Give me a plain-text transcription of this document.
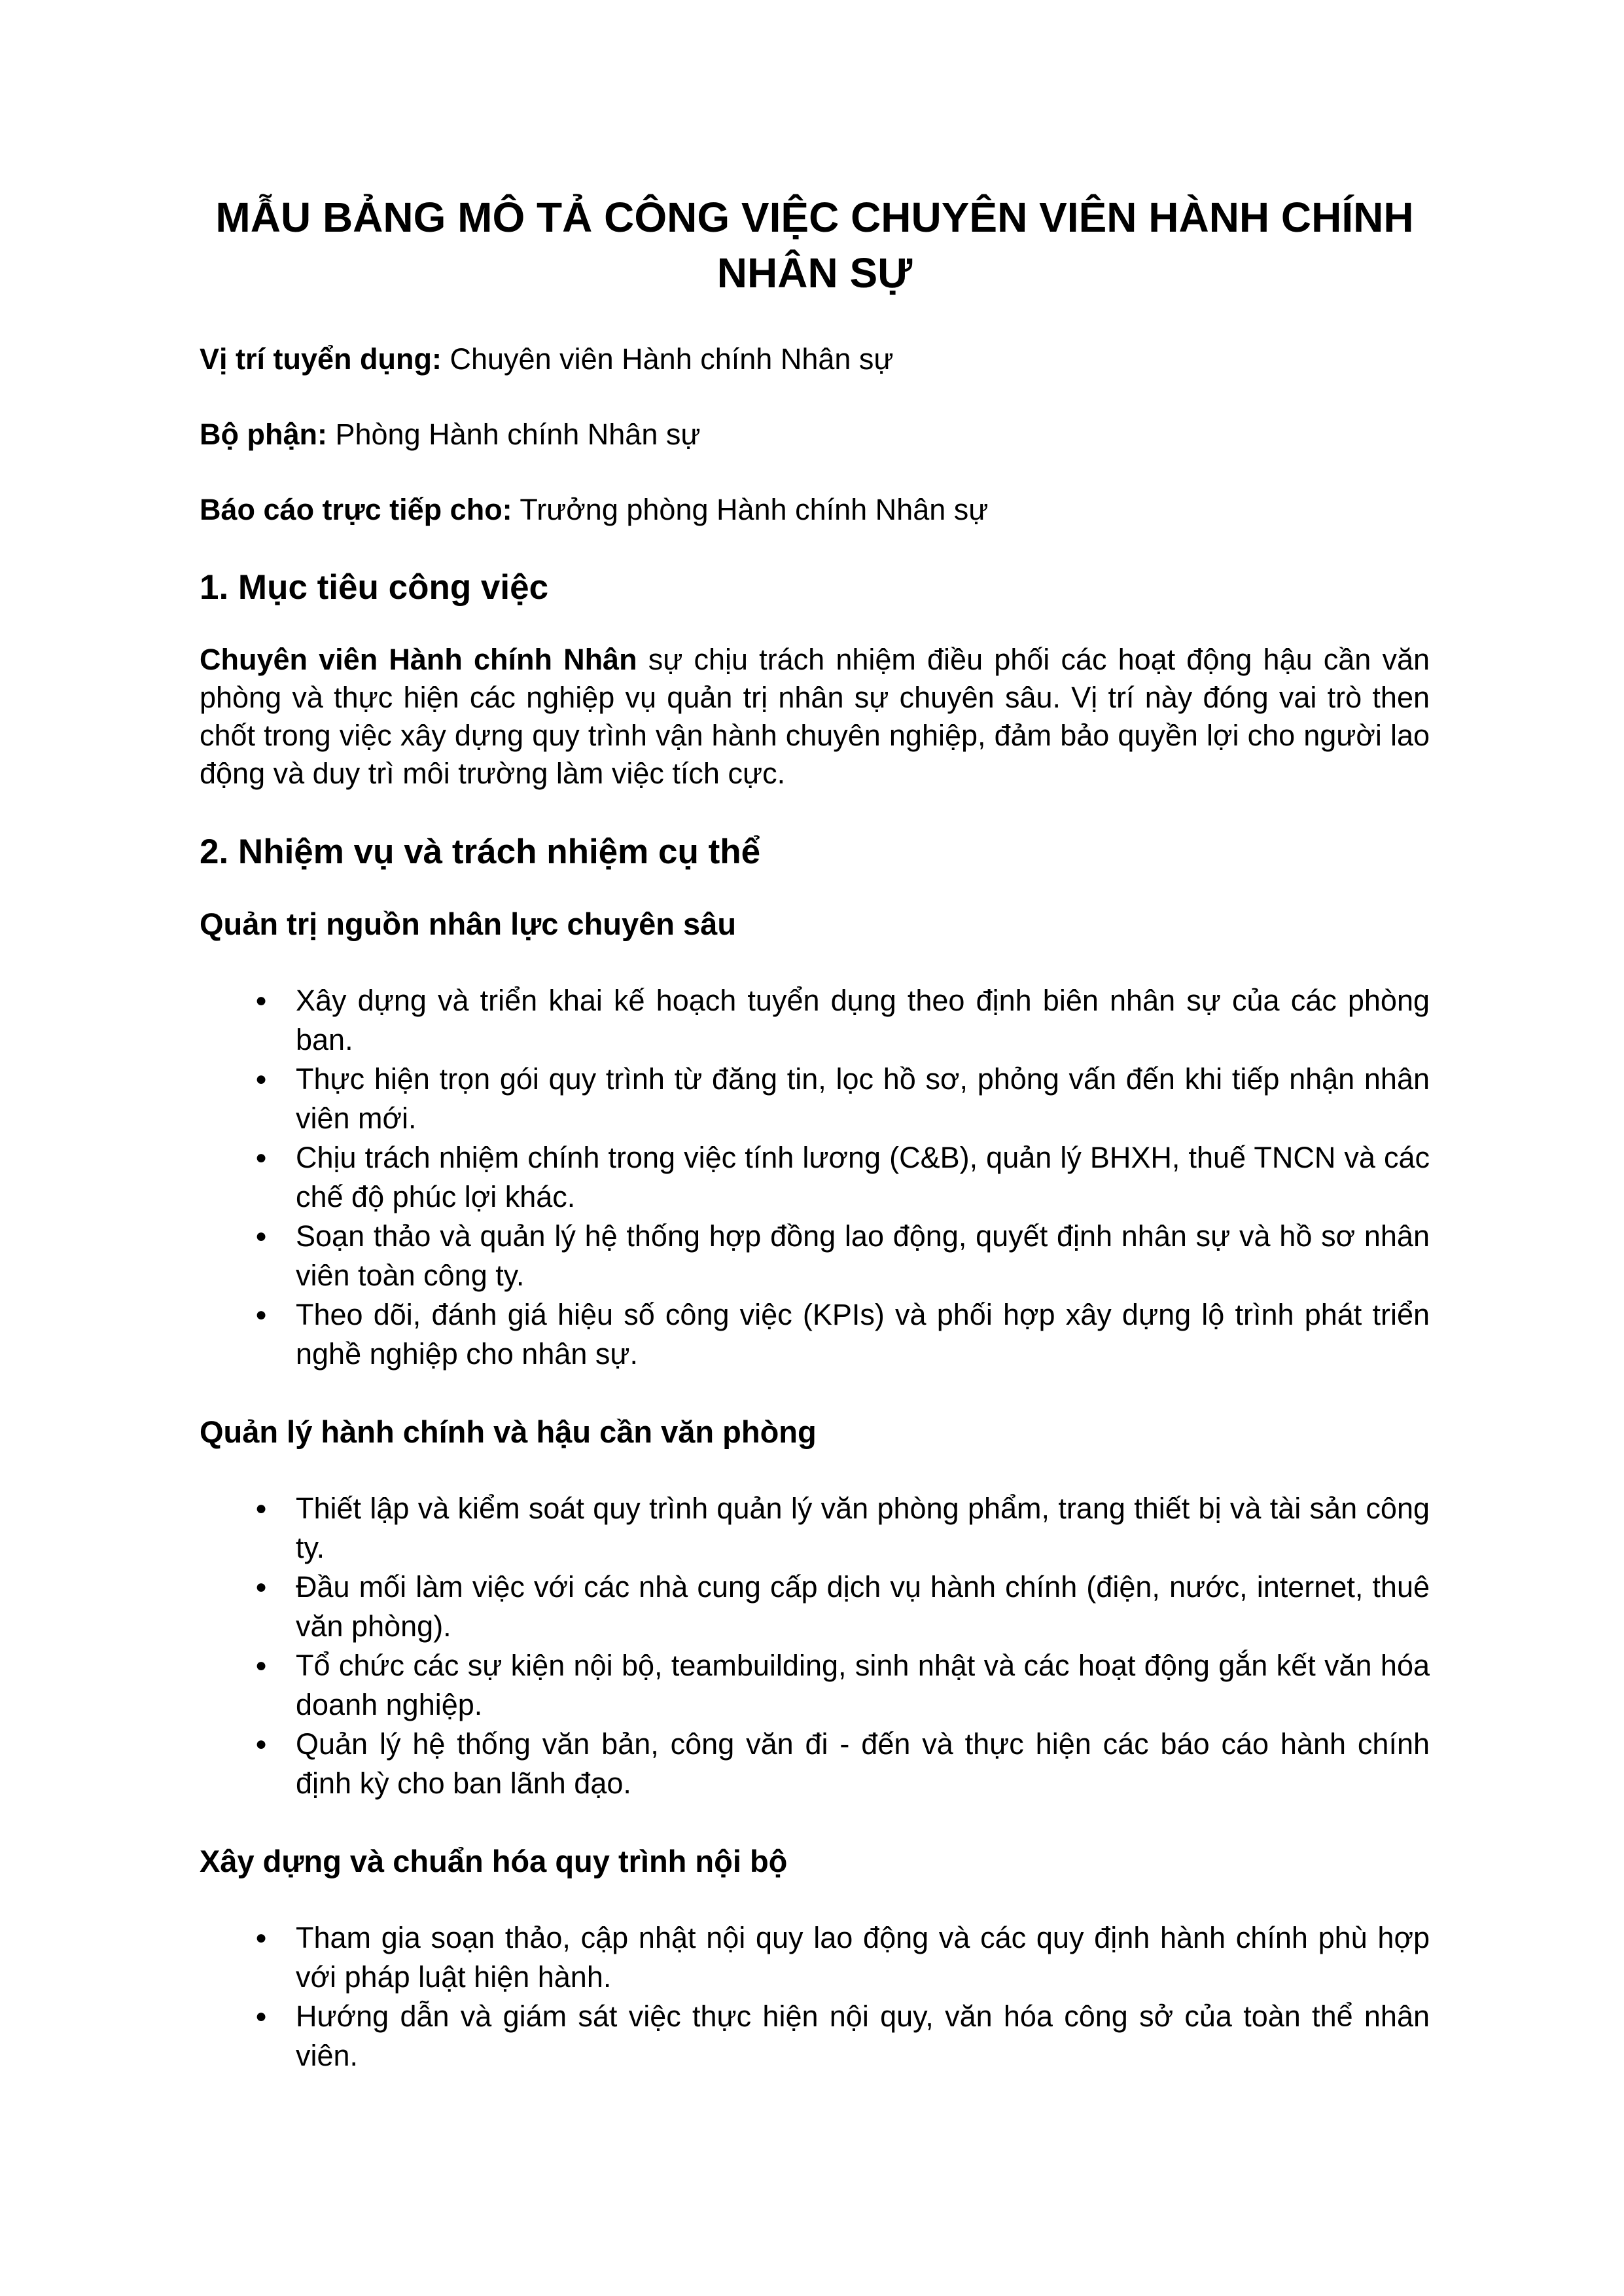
MẪU BẢNG MÔ TẢ CÔNG VIỆC CHUYÊN VIÊN HÀNH CHÍNH NHÂN SỰ

Vị trí tuyển dụng: Chuyên viên Hành chính Nhân sự

Bộ phận: Phòng Hành chính Nhân sự

Báo cáo trực tiếp cho: Trưởng phòng Hành chính Nhân sự

1. Mục tiêu công việc

Chuyên viên Hành chính Nhân sự chịu trách nhiệm điều phối các hoạt động hậu cần văn phòng và thực hiện các nghiệp vụ quản trị nhân sự chuyên sâu. Vị trí này đóng vai trò then chốt trong việc xây dựng quy trình vận hành chuyên nghiệp, đảm bảo quyền lợi cho người lao động và duy trì môi trường làm việc tích cực.

2. Nhiệm vụ và trách nhiệm cụ thể
Quản trị nguồn nhân lực chuyên sâu
● Xây dựng và triển khai kế hoạch tuyển dụng theo định biên nhân sự của các phòng ban.
● Thực hiện trọn gói quy trình từ đăng tin, lọc hồ sơ, phỏng vấn đến khi tiếp nhận nhân viên mới.
● Chịu trách nhiệm chính trong việc tính lương (C&B), quản lý BHXH, thuế TNCN và các chế độ phúc lợi khác.
● Soạn thảo và quản lý hệ thống hợp đồng lao động, quyết định nhân sự và hồ sơ nhân viên toàn công ty.
● Theo dõi, đánh giá hiệu số công việc (KPIs) và phối hợp xây dựng lộ trình phát triển nghề nghiệp cho nhân sự.
Quản lý hành chính và hậu cần văn phòng
● Thiết lập và kiểm soát quy trình quản lý văn phòng phẩm, trang thiết bị và tài sản công ty.
● Đầu mối làm việc với các nhà cung cấp dịch vụ hành chính (điện, nước, internet, thuê văn phòng).
● Tổ chức các sự kiện nội bộ, teambuilding, sinh nhật và các hoạt động gắn kết văn hóa doanh nghiệp.
● Quản lý hệ thống văn bản, công văn đi - đến và thực hiện các báo cáo hành chính định kỳ cho ban lãnh đạo.
Xây dựng và chuẩn hóa quy trình nội bộ
● Tham gia soạn thảo, cập nhật nội quy lao động và các quy định hành chính phù hợp với pháp luật hiện hành.
● Hướng dẫn và giám sát việc thực hiện nội quy, văn hóa công sở của toàn thể nhân viên.
